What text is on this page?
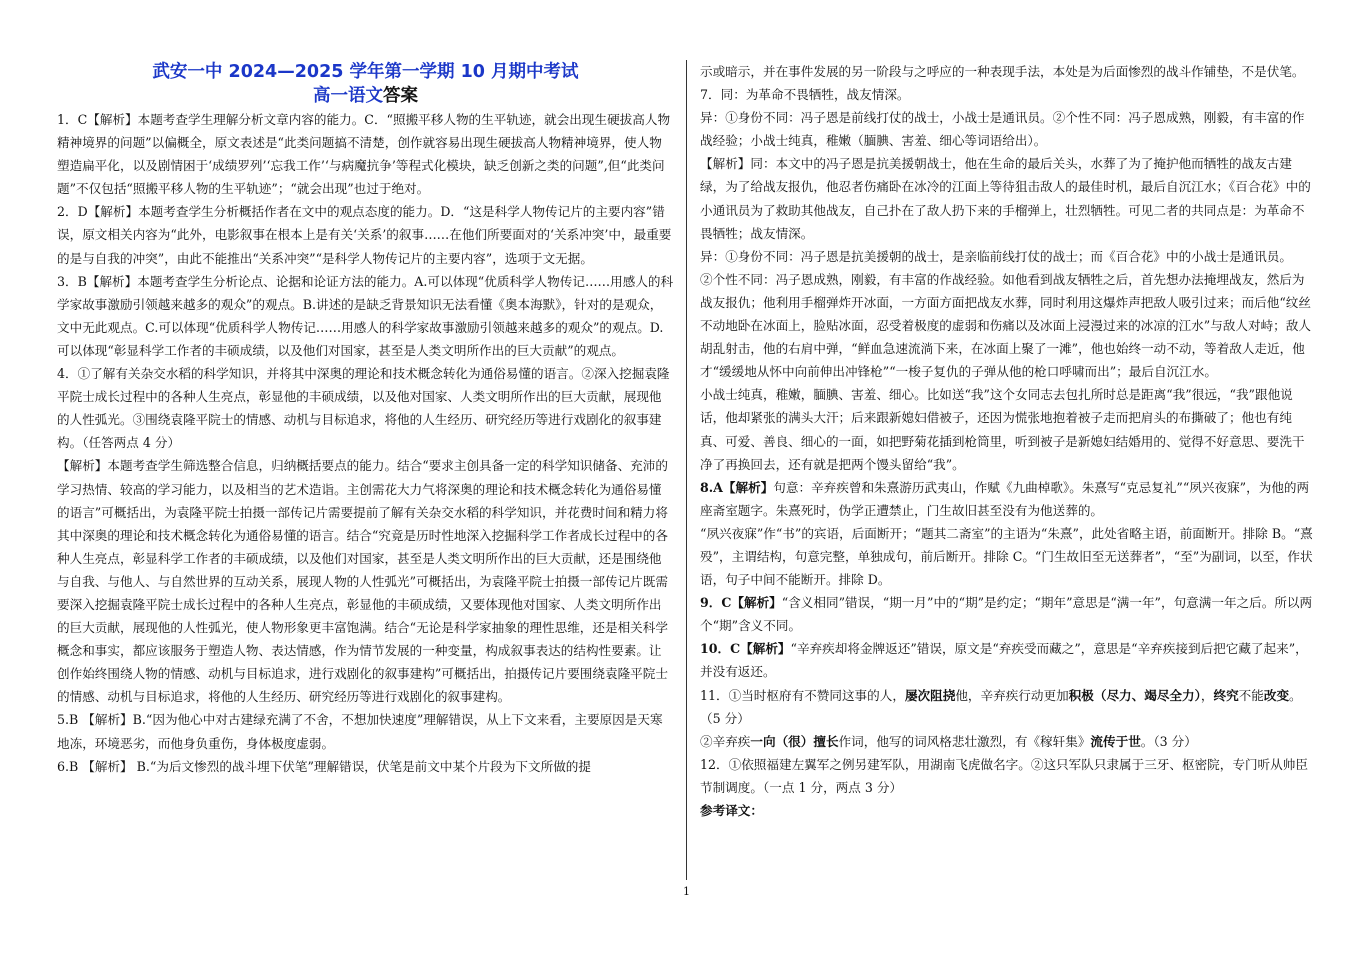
武安一中 2024—2025 学年第一学期 10 月期中考试
高一语文答案

1．C【解析】本题考查学生理解分析文章内容的能力。C．“照搬平移人物的生平轨迹，就会出现生硬拔高人物精神境界的问题”以偏概全，原文表述是“此类问题搞不清楚，创作就容易出现生硬拔高人物精神境界，使人物塑造扁平化，以及剧情困于‘成绩罗列’‘忘我工作’‘与病魔抗争’等程式化模块，缺乏创新之类的问题”,但“此类问题”不仅包括“照搬平移人物的生平轨迹”；“就会出现”也过于绝对。

2．D【解析】本题考查学生分析概括作者在文中的观点态度的能力。D．“这是科学人物传记片的主要内容”错误，原文相关内容为“此外，电影叙事在根本上是有关‘关系’的叙事……在他们所要面对的‘关系冲突’中，最重要的是与自我的冲突”，由此不能推出“关系冲突”“是科学人物传记片的主要内容”，选项于文无据。

3．B【解析】本题考查学生分析论点、论据和论证方法的能力。A.可以体现“优质科学人物传记……用感人的科学家故事激励引领越来越多的观众”的观点。B.讲述的是缺乏背景知识无法看懂《奥本海默》，针对的是观众，文中无此观点。C.可以体现“优质科学人物传记……用感人的科学家故事激励引领越来越多的观众”的观点。D.可以体现“彰显科学工作者的丰硕成绩，以及他们对国家，甚至是人类文明所作出的巨大贡献”的观点。

4．①了解有关杂交水稻的科学知识，并将其中深奥的理论和技术概念转化为通俗易懂的语言。②深入挖掘袁隆平院士成长过程中的各种人生亮点，彰显他的丰硕成绩，以及他对国家、人类文明所作出的巨大贡献，展现他的人性弧光。③围绕袁隆平院士的情感、动机与目标追求，将他的人生经历、研究经历等进行戏剧化的叙事建构。（任答两点 4 分）

【解析】本题考查学生筛选整合信息，归纳概括要点的能力。结合“要求主创具备一定的科学知识储备、充沛的学习热情、较高的学习能力，以及相当的艺术造诣。主创需花大力气将深奥的理论和技术概念转化为通俗易懂的语言”可概括出，为袁隆平院士拍摄一部传记片需要提前了解有关杂交水稻的科学知识，并花费时间和精力将其中深奥的理论和技术概念转化为通俗易懂的语言。结合“究竟是历时性地深入挖掘科学工作者成长过程中的各种人生亮点，彰显科学工作者的丰硕成绩，以及他们对国家，甚至是人类文明所作出的巨大贡献，还是围绕他与自我、与他人、与自然世界的互动关系，展现人物的人性弧光”可概括出，为袁隆平院士拍摄一部传记片既需要深入挖掘袁隆平院士成长过程中的各种人生亮点，彰显他的丰硕成绩，又要体现他对国家、人类文明所作出的巨大贡献，展现他的人性弧光，使人物形象更丰富饱满。结合“无论是科学家抽象的理性思维，还是相关科学概念和事实，都应该服务于塑造人物、表达情感，作为情节发展的一种变量，构成叙事表达的结构性要素。让创作始终围绕人物的情感、动机与目标追求，进行戏剧化的叙事建构”可概括出，拍摄传记片要围绕袁隆平院士的情感、动机与目标追求，将他的人生经历、研究经历等进行戏剧化的叙事建构。

5.B 【解析】B.“因为他心中对古建绿充满了不舍，不想加快速度”理解错误，从上下文来看，主要原因是天寒地冻，环境恶劣，而他身负重伤，身体极度虚弱。

6.B 【解析】 B.“为后文惨烈的战斗埋下伏笔”理解错误，伏笔是前文中某个片段为下文所做的提

示或暗示，并在事件发展的另一阶段与之呼应的一种表现手法，本处是为后面惨烈的战斗作铺垫，不是伏笔。

7．同：为革命不畏牺牲，战友情深。

异：①身份不同：冯子恩是前线打仗的战士，小战士是通讯员。②个性不同：冯子恩成熟，刚毅，有丰富的作战经验；小战士纯真，稚嫩（腼腆、害羞、细心等词语给出）。

【解析】同：本文中的冯子恩是抗美援朝战士，他在生命的最后关头，水葬了为了掩护他而牺牲的战友古建绿，为了给战友报仇，他忍者伤痛卧在冰冷的江面上等待狙击敌人的最佳时机，最后自沉江水；《百合花》中的小通讯员为了救助其他战友，自己扑在了敌人扔下来的手榴弹上，壮烈牺牲。可见二者的共同点是：为革命不畏牺牲；战友情深。

异：①身份不同：冯子恩是抗美援朝的战士，是亲临前线打仗的战士；而《百合花》中的小战士是通讯员。

②个性不同：冯子恩成熟，刚毅，有丰富的作战经验。如他看到战友牺牲之后，首先想办法掩埋战友，然后为战友报仇；他利用手榴弹炸开冰面，一方面方面把战友水葬，同时利用这爆炸声把敌人吸引过来；而后他“纹丝不动地卧在冰面上，脸贴冰面，忍受着极度的虚弱和伤痛以及冰面上浸漫过来的冰凉的江水”与敌人对峙；敌人胡乱射击，他的右肩中弹，“鲜血急速流淌下来，在冰面上聚了一滩”，他也始终一动不动，等着敌人走近，他才“缓缓地从怀中向前伸出冲锋枪”“一梭子复仇的子弹从他的枪口呼啸而出”；最后自沉江水。

小战士纯真，稚嫩，腼腆、害羞、细心。比如送“我”这个女同志去包扎所时总是距离“我”很远，“我”跟他说话，他却紧张的满头大汗；后来跟新媳妇借被子，还因为慌张地抱着被子走而把肩头的布撕破了；他也有纯真、可爱、善良、细心的一面，如把野菊花插到枪筒里，听到被子是新媳妇结婚用的、觉得不好意思、要洗干净了再换回去，还有就是把两个馒头留给“我”。

8.A【解析】句意：辛弃疾曾和朱熹游历武夷山，作赋《九曲棹歌》。朱熹写“克忌复礼”“夙兴夜寐”，为他的两座斋室题字。朱熹死时，伪学正遭禁止，门生故旧甚至没有为他送葬的。

“夙兴夜寐”作“书”的宾语，后面断开；“题其二斋室”的主语为“朱熹”，此处省略主语，前面断开。排除 B。“熹殁”，主谓结构，句意完整，单独成句，前后断开。排除 C。“门生故旧至无送葬者”，“至”为副词，以至，作状语，句子中间不能断开。排除 D。

9．C【解析】“含义相同”错误，“期一月”中的“期”是约定；“期年”意思是“满一年”，句意满一年之后。所以两个“期”含义不同。

10．C【解析】“辛弃疾却将金牌返还”错误，原文是“弃疾受而藏之”，意思是“辛弃疾接到后把它藏了起来”，并没有返还。

11．①当时枢府有不赞同这事的人，屡次阻挠他，辛弃疾行动更加积极（尽力、竭尽全力），终究不能改变。（5 分）

②辛弃疾一向（很）擅长作词，他写的词风格悲壮激烈，有《稼轩集》流传于世。（3 分）

12．①依照福建左翼军之例另建军队，用湖南飞虎做名字。②这只军队只隶属于三牙、枢密院，专门听从帅臣节制调度。（一点 1 分，两点 3 分）

参考译文：

1
